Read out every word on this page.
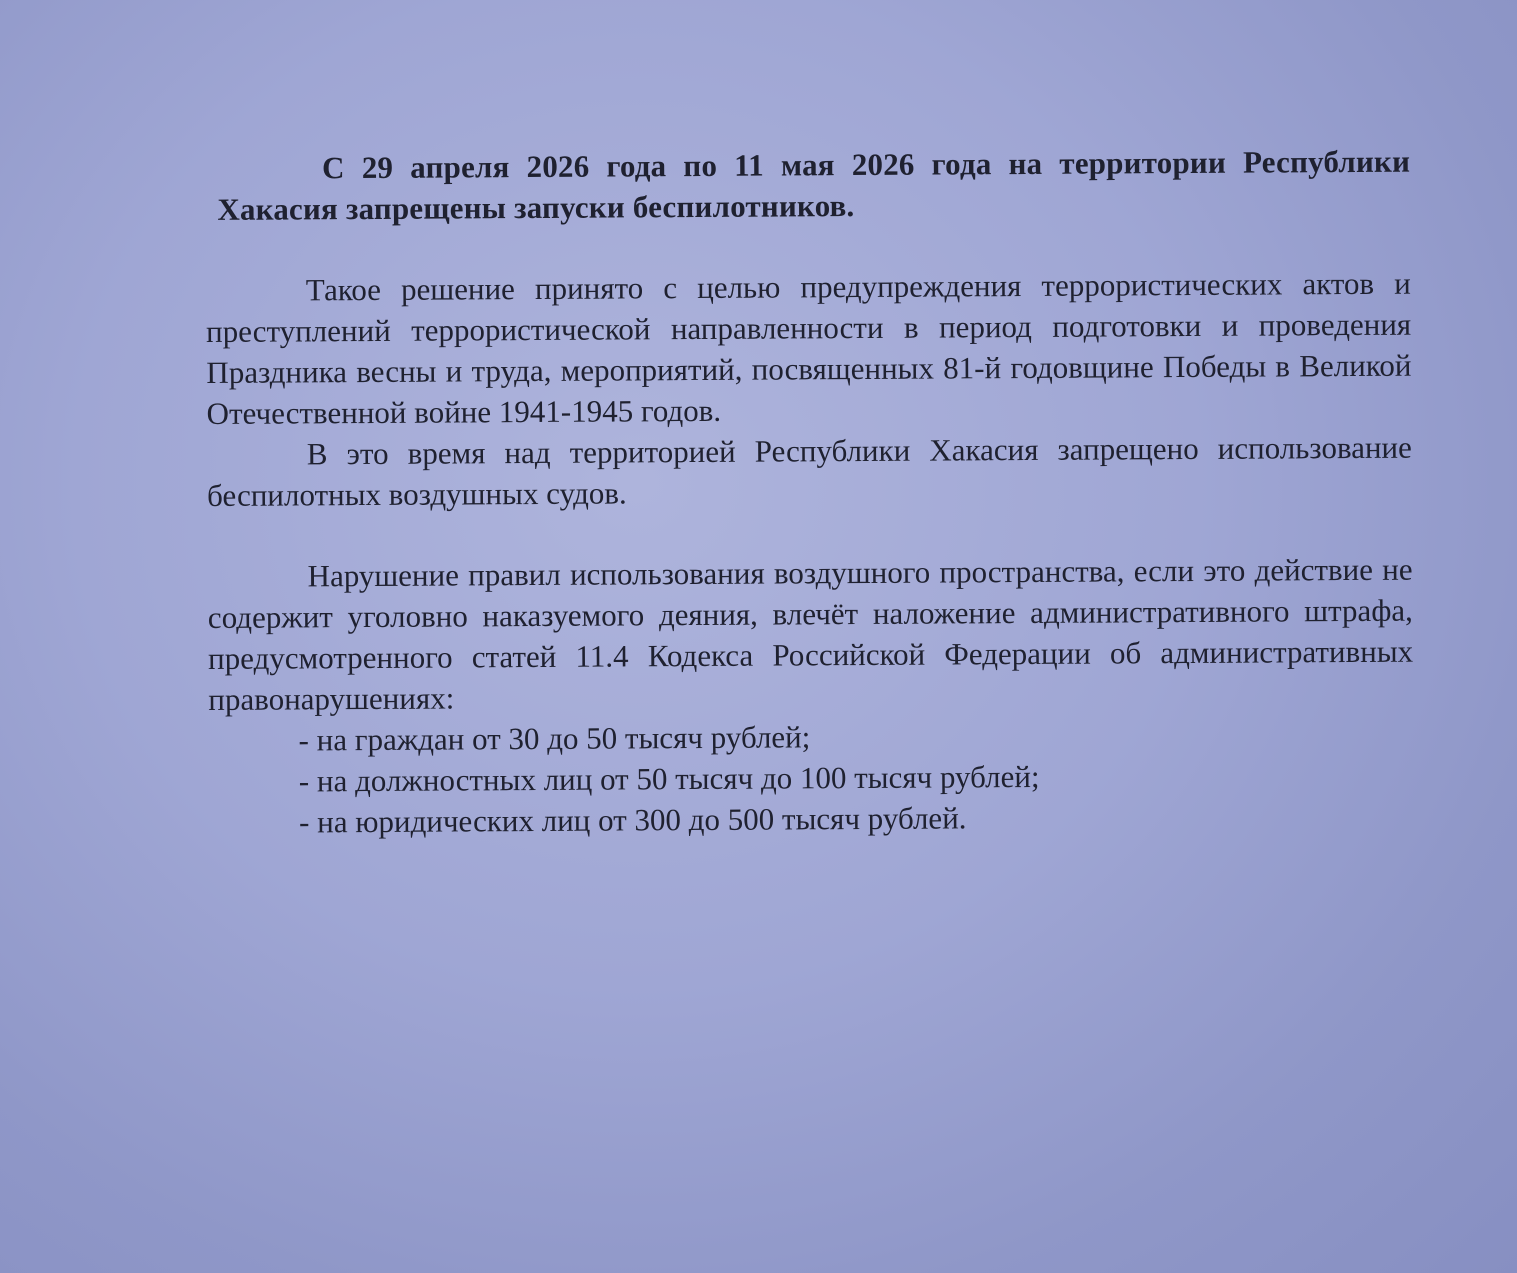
С 29 апреля 2026 года по 11 мая 2026 года на территории Республики Хакасия запрещены запуски беспилотников.

Такое решение принято с целью предупреждения террористических актов и преступлений террористической направленности в период подготовки и проведения Праздника весны и труда, мероприятий, посвященных 81-й годовщине Победы в Великой Отечественной войне 1941-1945 годов.

В это время над территорией Республики Хакасия запрещено использование беспилотных воздушных судов.

Нарушение правил использования воздушного пространства, если это действие не содержит уголовно наказуемого деяния, влечёт наложение административного штрафа, предусмотренного статей 11.4 Кодекса Российской Федерации об административных правонарушениях:

- на граждан от 30 до 50 тысяч рублей;
- на должностных лиц от 50 тысяч до 100 тысяч рублей;
- на юридических лиц от 300 до 500 тысяч рублей.
